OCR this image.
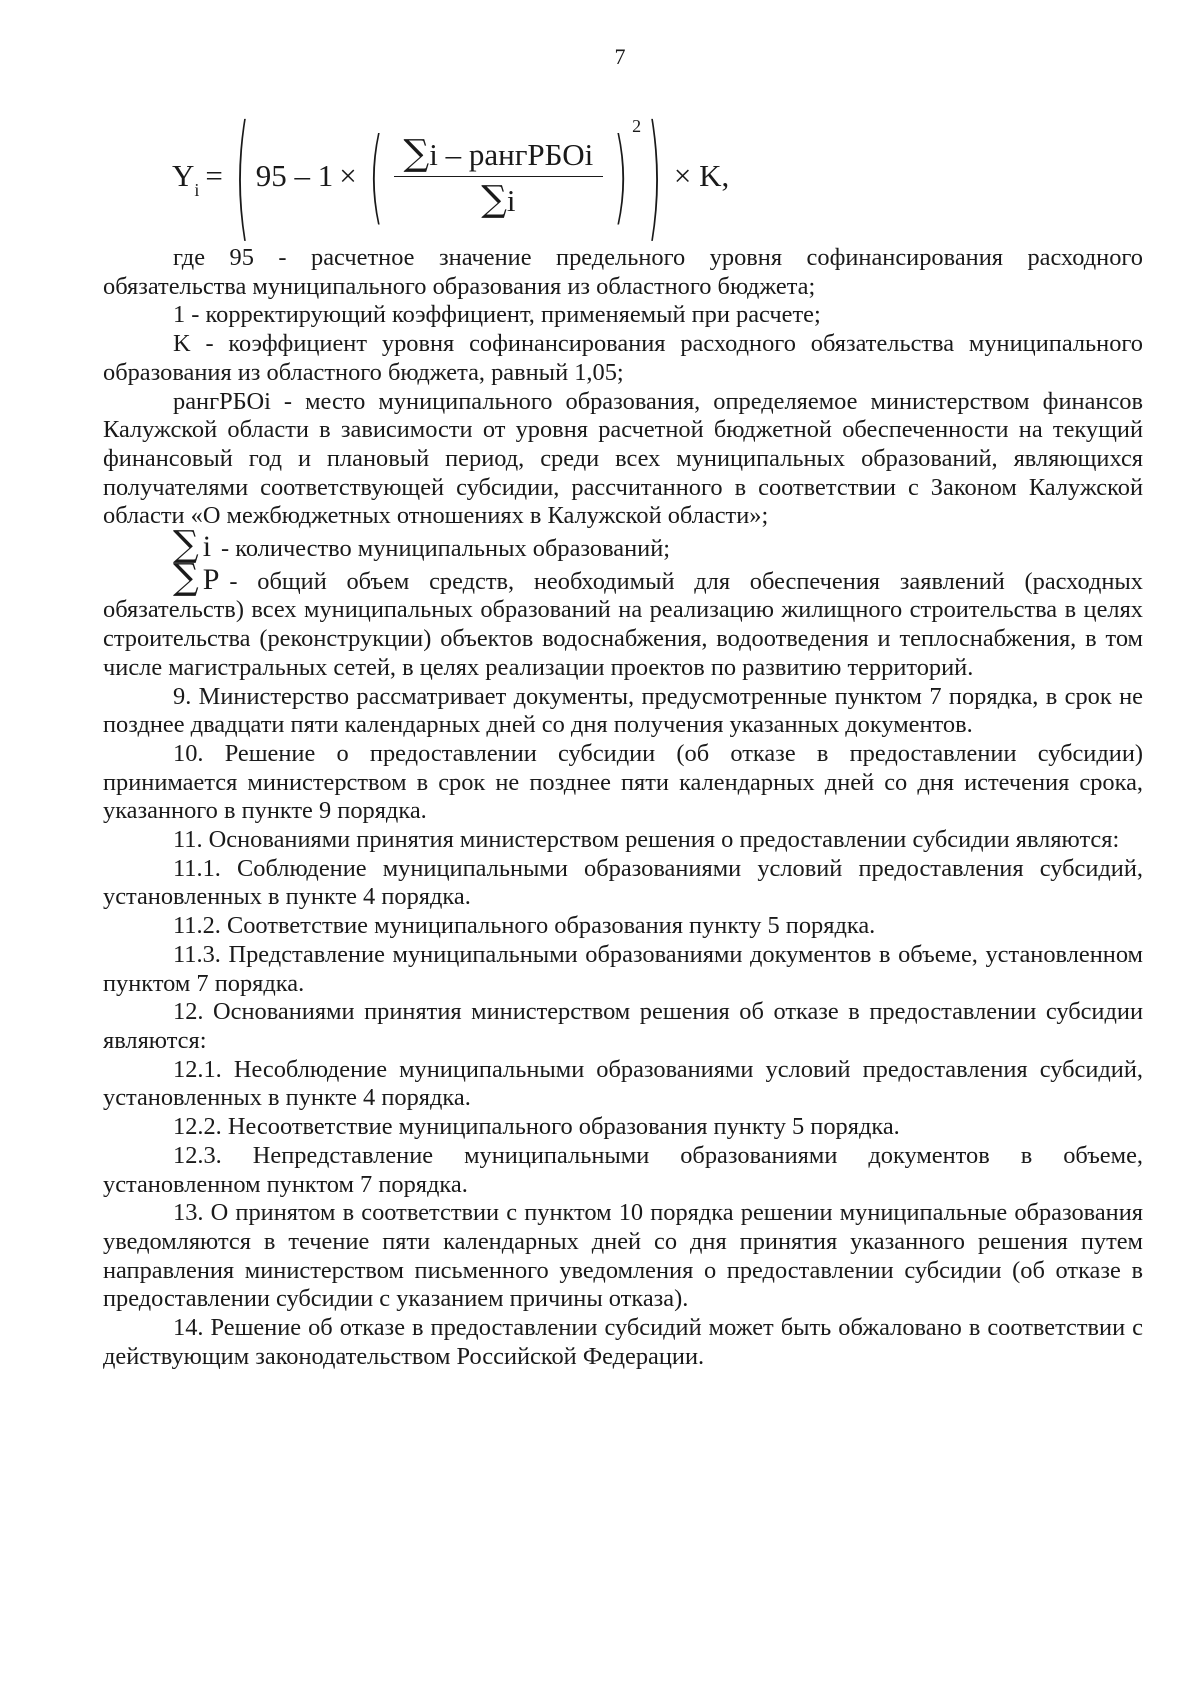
7
$Y_i$ = ( 95 – 1 × ( $\frac{\text{∑i – рангРБОi}}{\sum i}$ ) 2 ) × K,

где 95 - расчетное значение предельного уровня софинансирования расходного обязательства муниципального образования из областного бюджета;

1 - корректирующий коэффициент, применяемый при расчете;

K - коэффициент уровня софинансирования расходного обязательства муниципального образования из областного бюджета, равный 1,05;

рангРБОi - место муниципального образования, определяемое министерством финансов Калужской области в зависимости от уровня расчетной бюджетной обеспеченности на текущий финансовый год и плановый период, среди всех муниципальных образований, являющихся получателями соответствующей субсидии, рассчитанного в соответствии с Законом Калужской области «О межбюджетных отношениях в Калужской области»;

∑ i - количество муниципальных образований;

∑ P - общий объем средств, необходимый для обеспечения заявлений (расходных обязательств) всех муниципальных образований на реализацию жилищного строительства в целях строительства (реконструкции) объектов водоснабжения, водоотведения и теплоснабжения, в том числе магистральных сетей, в целях реализации проектов по развитию территорий.

9. Министерство рассматривает документы, предусмотренные пунктом 7 порядка, в срок не позднее двадцати пяти календарных дней со дня получения указанных документов.

10. Решение о предоставлении субсидии (об отказе в предоставлении субсидии) принимается министерством в срок не позднее пяти календарных дней со дня истечения срока, указанного в пункте 9 порядка.

11. Основаниями принятия министерством решения о предоставлении субсидии являются:

11.1. Соблюдение муниципальными образованиями условий предоставления субсидий, установленных в пункте 4 порядка.

11.2. Соответствие муниципального образования пункту 5 порядка.

11.3. Представление муниципальными образованиями документов в объеме, установленном пунктом 7 порядка.

12. Основаниями принятия министерством решения об отказе в предоставлении субсидии являются:

12.1. Несоблюдение муниципальными образованиями условий предоставления субсидий, установленных в пункте 4 порядка.

12.2. Несоответствие муниципального образования пункту 5 порядка.

12.3. Непредставление муниципальными образованиями документов в объеме, установленном пунктом 7 порядка.

13. О принятом в соответствии с пунктом 10 порядка решении муниципальные образования уведомляются в течение пяти календарных дней со дня принятия указанного решения путем направления министерством письменного уведомления о предоставлении субсидии (об отказе в предоставлении субсидии с указанием причины отказа).

14. Решение об отказе в предоставлении субсидий может быть обжаловано в соответствии с действующим законодательством Российской Федерации.
